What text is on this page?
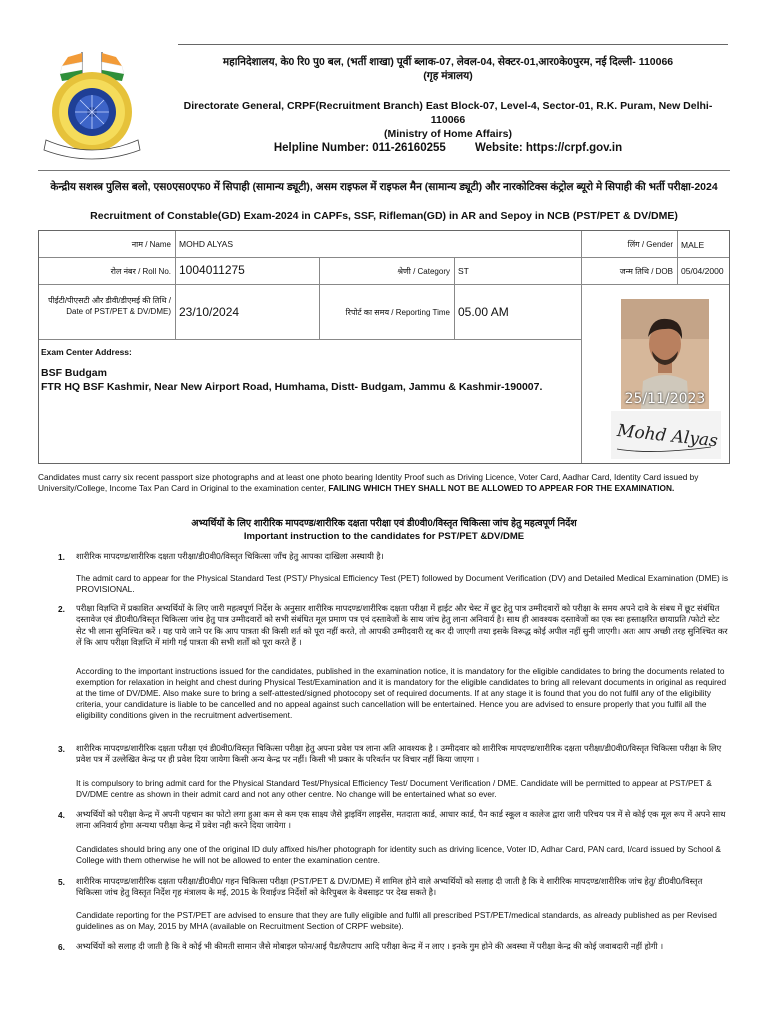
महानिदेशालय, के0 रि0 पु0 बल, (भर्ती शाखा) पूर्वी ब्लाक-07, लेवल-04, सेक्टर-01,आर0के0पुरम, नई दिल्ली- 110066
(गृह मंत्रालय)
Directorate General, CRPF(Recruitment Branch) East Block-07, Level-4, Sector-01, R.K. Puram, New Delhi-110066
(Ministry of Home Affairs)
Helpline Number: 011-26160255	Website: https://crpf.gov.in
केन्द्रीय सशस्त्र पुलिस बलो, एस0एस0एफ0 में सिपाही (सामान्य ड्यूटी), असम राइफल में राइफल मैन (सामान्य ड्यूटी) और नारकोटिक्स कंट्रोल ब्यूरो मे सिपाही की भर्ती परीक्षा-2024
Recruitment of Constable(GD) Exam-2024 in CAPFs, SSF, Rifleman(GD) in AR and Sepoy in NCB (PST/PET & DV/DME)
नाम / Name MOHD ALYAS	लिंग / Gender MALE
रोल नंबर / Roll No. 1004011275	श्रेणी / Category ST	जन्म तिथि / DOB 05/04/2000
पीईटी/पीएसटी और डीवी/डीएमई की तिथि / Date of PST/PET & DV/DME) 23/10/2024	रिपोर्ट का समय / Reporting Time 05.00 AM
Exam Center Address:
BSF Budgam
FTR HQ BSF Kashmir, Near New Airport Road, Humhama, Distt- Budgam, Jammu & Kashmir-190007.
25/11/2023
Mohd Alyas
Candidates must carry six recent passport size photographs and at least one photo bearing Identity Proof such as Driving Licence, Voter Card, Aadhar Card, Identity Card issued by University/College, Income Tax Pan Card in Original to the examination center, FAILING WHICH THEY SHALL NOT BE ALLOWED TO APPEAR FOR THE EXAMINATION.
अभ्यर्थियों के लिए शारीरिक मापदण्ड/शारीरिक दक्षता परीक्षा एवं डी0वी0/विस्तृत चिकित्सा जांच हेतु महत्वपूर्ण निर्देश
Important instruction to the candidates for PST/PET &DV/DME
1. शारीरिक मापदण्ड/शारीरिक दक्षता परीक्षा/डी0वी0/विस्तृत चिकित्सा जाँच हेतु आपका दाखिला अस्थायी है।
The admit card to appear for the Physical Standard Test (PST)/ Physical Efficiency Test (PET) followed by Document Verification (DV) and Detailed Medical Examination (DME) is PROVISIONAL.
2. परीक्षा विज्ञप्ति में प्रकाशित अभ्यर्थियों के लिए जारी महत्वपूर्ण निर्देश के अनुसार शारीरिक मापदण्ड/शारीरिक दक्षता परीक्षा में हाईट और चेस्ट में छूट हेतु पात्र उम्मीदवारों को परीक्षा के समय अपने दावे के संबध में छूट संबंधित दस्तावेज एवं डी0वी0/विस्तृत चिकित्सा जांच हेतु पात्र उम्मीदवारों को सभी संबंधित मूल प्रमाण पत्र एवं दस्तावेजों के साथ जांच हेतु लाना अनिवार्य है। साथ ही आवश्यक दस्तावेजों का एक स्वः हस्ताक्षरित छायाप्रति /फोटो स्टेट सेट भी लाना सुनिश्चित करें । यह पाये जाने पर कि आप पात्रता की किसी शर्त को पूरा नहीं करते, तो आपकी उम्मीदवारी रद्द कर दी जाएगी तथा इसके विरूद्ध कोई अपील नहीं सुनी जाएगी। अतः आप अच्छी तरह सुनिश्चित कर लें कि आप परीक्षा विज्ञप्ति में मांगी गई पात्रता की सभी शर्तों को पूरा करते हैं ।
According to the important instructions issued for the candidates, published in the examination notice, it is mandatory for the eligible candidates to bring the documents related to exemption for relaxation in height and chest during Physical Test/Examination and it is mandatory for the eligible candidates to bring all relevant documents in original as required at the time of DV/DME. Also make sure to bring a self-attested/signed photocopy set of required documents. If at any stage it is found that you do not fulfil any of the eligibility criteria, your candidature is liable to be cancelled and no appeal against such cancellation will be entertained. Hence you are advised to ensure properly that you fulfil all the eligibility conditions given in the recruitment advertisement.
3. शारीरिक मापदण्ड/शारीरिक दक्षता परीक्षा एवं डी0वी0/विस्तृत चिकित्सा परीक्षा हेतु अपना प्रवेश पत्र लाना अति आवश्यक है । उम्मीदवार को शारीरिक मापदण्ड/शारीरिक दक्षता परीक्षा/डी0वी0/विस्तृत चिकित्सा परीक्षा के लिए प्रवेश पत्र में उल्लेखित केन्द्र पर ही प्रवेश दिया जायेगा किसी अन्य केन्द्र पर नहीं। किसी भी प्रकार के परिवर्तन पर विचार नहीं किया जाएगा ।
It is compulsory to bring admit card for the Physical Standard Test/Physical Efficiency Test/ Document Verification / DME. Candidate will be permitted to appear at PST/PET & DV/DME centre as shown in their admit card and not any other centre. No change will be entertained what so ever.
4. अभ्यर्थियों को परीक्षा केन्द्र में अपनी पहचान का फोटो लगा हुआ कम से कम एक साक्ष्य जैसे ड्राइविंग लाइसेंस, मतदाता कार्ड, आधार कार्ड, पैन कार्ड स्कूल व कालेज द्वारा जारी परिचय पत्र में से कोई एक मूल रूप में अपने साथ लाना अनिवार्य होगा अन्यथा परीक्षा केन्द्र में प्रवेश नही करने दिया जायेगा ।
Candidates should bring any one of the original ID duly affixed his/her photograph for identity such as driving licence, Voter ID, Adhar Card, PAN card, I/card issued by School & College with them otherwise he will not be allowed to enter the examination centre.
5. शारीरिक मापदण्ड/शारीरिक दक्षता परीक्षा/डी0वी0/ गहन चिकित्सा परीक्षा (PST/PET & DV/DME) में शामिल होने वाले अभ्यर्थियों को सलाह दी जाती है कि वे शारीरिक मापदण्ड/शारीरिक जांच हेतु/ डी0वी0/विस्तृत चिकित्सा जांच हेतु विस्तृत निर्देश गृह मंत्रालय के मई, 2015 के रिवाईज्ड निर्देशों को केरिपुबल के वेबसाइट पर देख सकते है।
Candidate reporting for the PST/PET are advised to ensure that they are fully eligible and fulfil all prescribed PST/PET/medical standards, as already published as per Revised guidelines as on May, 2015 by MHA (available on Recruitment Section of CRPF website).
6. अभ्यर्थियों को सलाह दी जाती है कि वे कोई भी कीमती सामान जैसे मोबाइल फोन/आई पैड/लैपटाप आदि परीक्षा केन्द्र में न लाए । इनके गुम होने की अवस्था में परीक्षा केन्द्र की कोई जवाबदारी नहीं होगी ।
